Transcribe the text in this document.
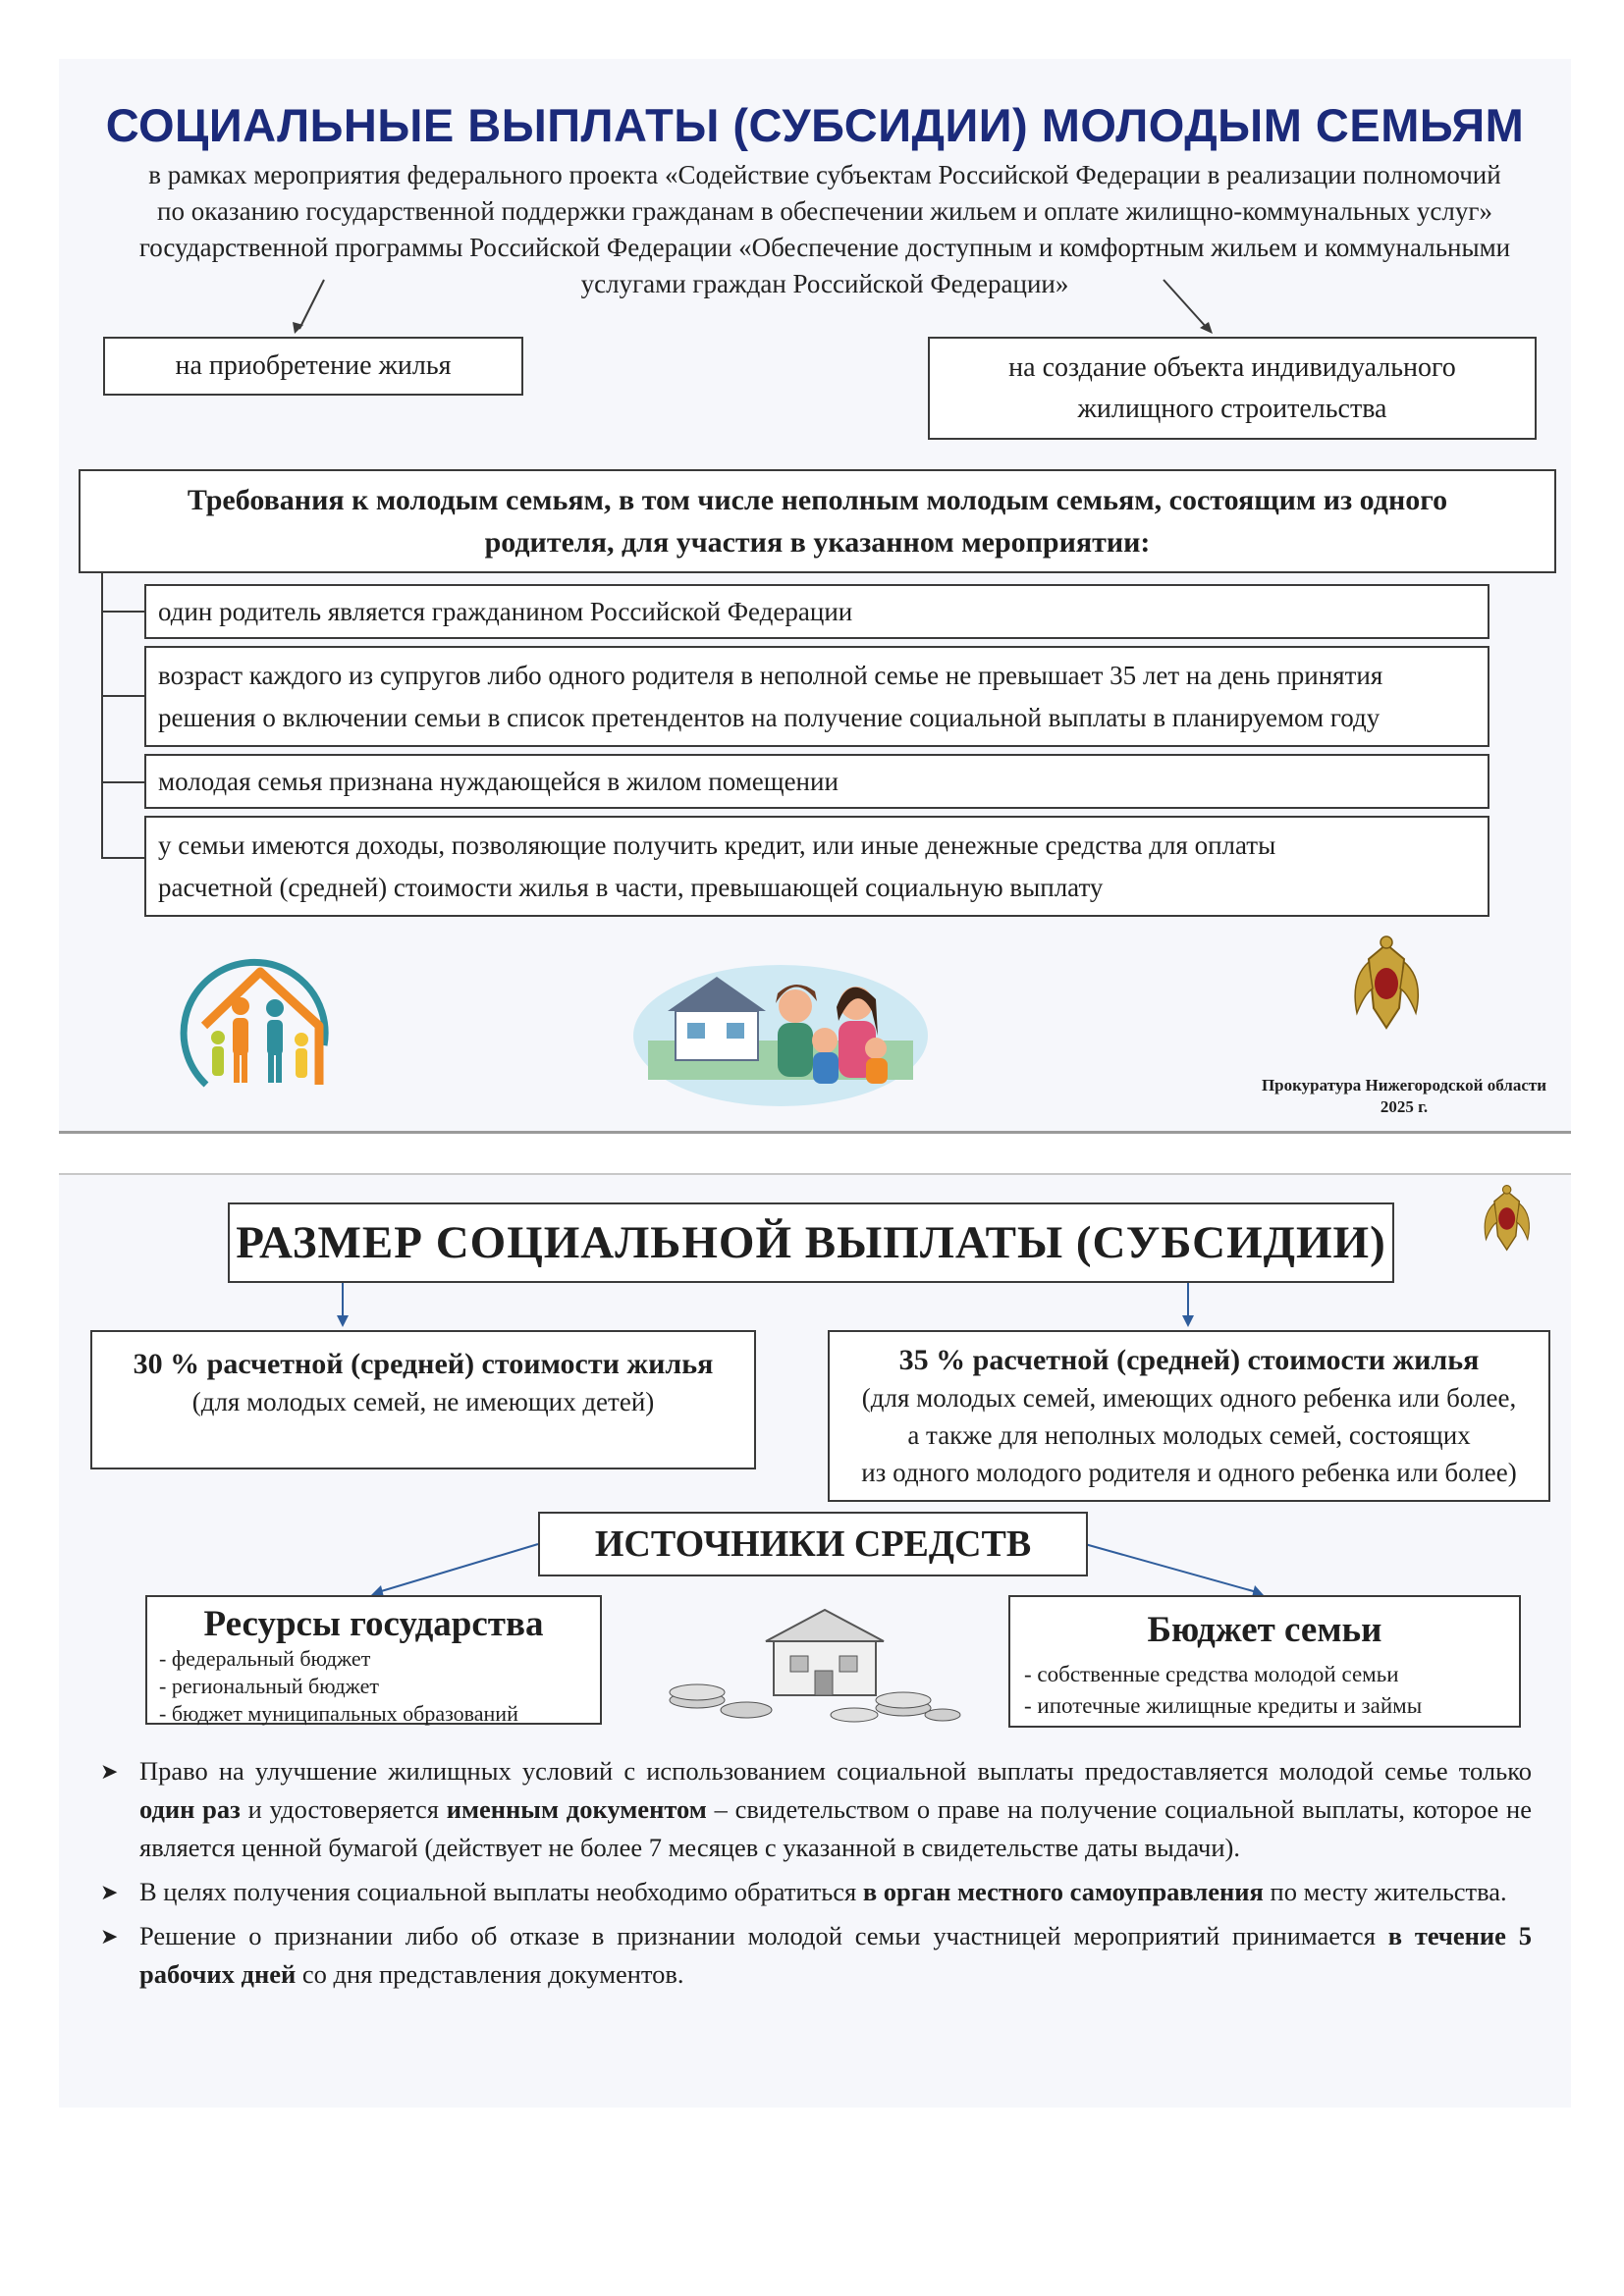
СОЦИАЛЬНЫЕ ВЫПЛАТЫ (СУБСИДИИ) МОЛОДЫМ СЕМЬЯМ
в рамках мероприятия федерального проекта «Содействие субъектам Российской Федерации в реализации полномочий
по оказанию государственной поддержки гражданам в обеспечении жильем и оплате жилищно-коммунальных услуг»
государственной программы Российской Федерации «Обеспечение доступным и комфортным жильем и коммунальными
услугами граждан Российской Федерации»
на приобретение жилья	на создание объекта индивидуального
жилищного строительства
Требования к молодым семьям, в том числе неполным молодым семьям, состоящим из одного
родителя, для участия в указанном мероприятии:
один родитель является гражданином Российской Федерации
возраст каждого из супругов либо одного родителя в неполной семье не превышает 35 лет на день принятия
решения о включении семьи в список претендентов на получение социальной выплаты в планируемом году
молодая семья признана нуждающейся в жилом помещении
у семьи имеются доходы, позволяющие получить кредит, или иные денежные средства для оплаты
расчетной (средней) стоимости жилья в части, превышающей социальную выплату
Прокуратура Нижегородской области
2025 г.
РАЗМЕР СОЦИАЛЬНОЙ ВЫПЛАТЫ (СУБСИДИИ)
30 % расчетной (средней) стоимости жилья
(для молодых семей, не имеющих детей)
35 % расчетной (средней) стоимости жилья
(для молодых семей, имеющих одного ребенка или более,
а также для неполных молодых семей, состоящих
из одного молодого родителя и одного ребенка или более)
ИСТОЧНИКИ СРЕДСТВ
Ресурсы государства
- федеральный бюджет
- региональный бюджет
- бюджет муниципальных образований
Бюджет семьи
- собственные средства молодой семьи
- ипотечные жилищные кредиты и займы
➤ Право на улучшение жилищных условий с использованием социальной выплаты предоставляется молодой семье только один раз и удостоверяется именным документом – свидетельством о праве на получение социальной выплаты, которое не является ценной бумагой (действует не более 7 месяцев с указанной в свидетельстве даты выдачи).
➤ В целях получения социальной выплаты необходимо обратиться в орган местного самоуправления по месту жительства.
➤ Решение о признании либо об отказе в признании молодой семьи участницей мероприятий принимается в течение 5 рабочих дней со дня представления документов.
